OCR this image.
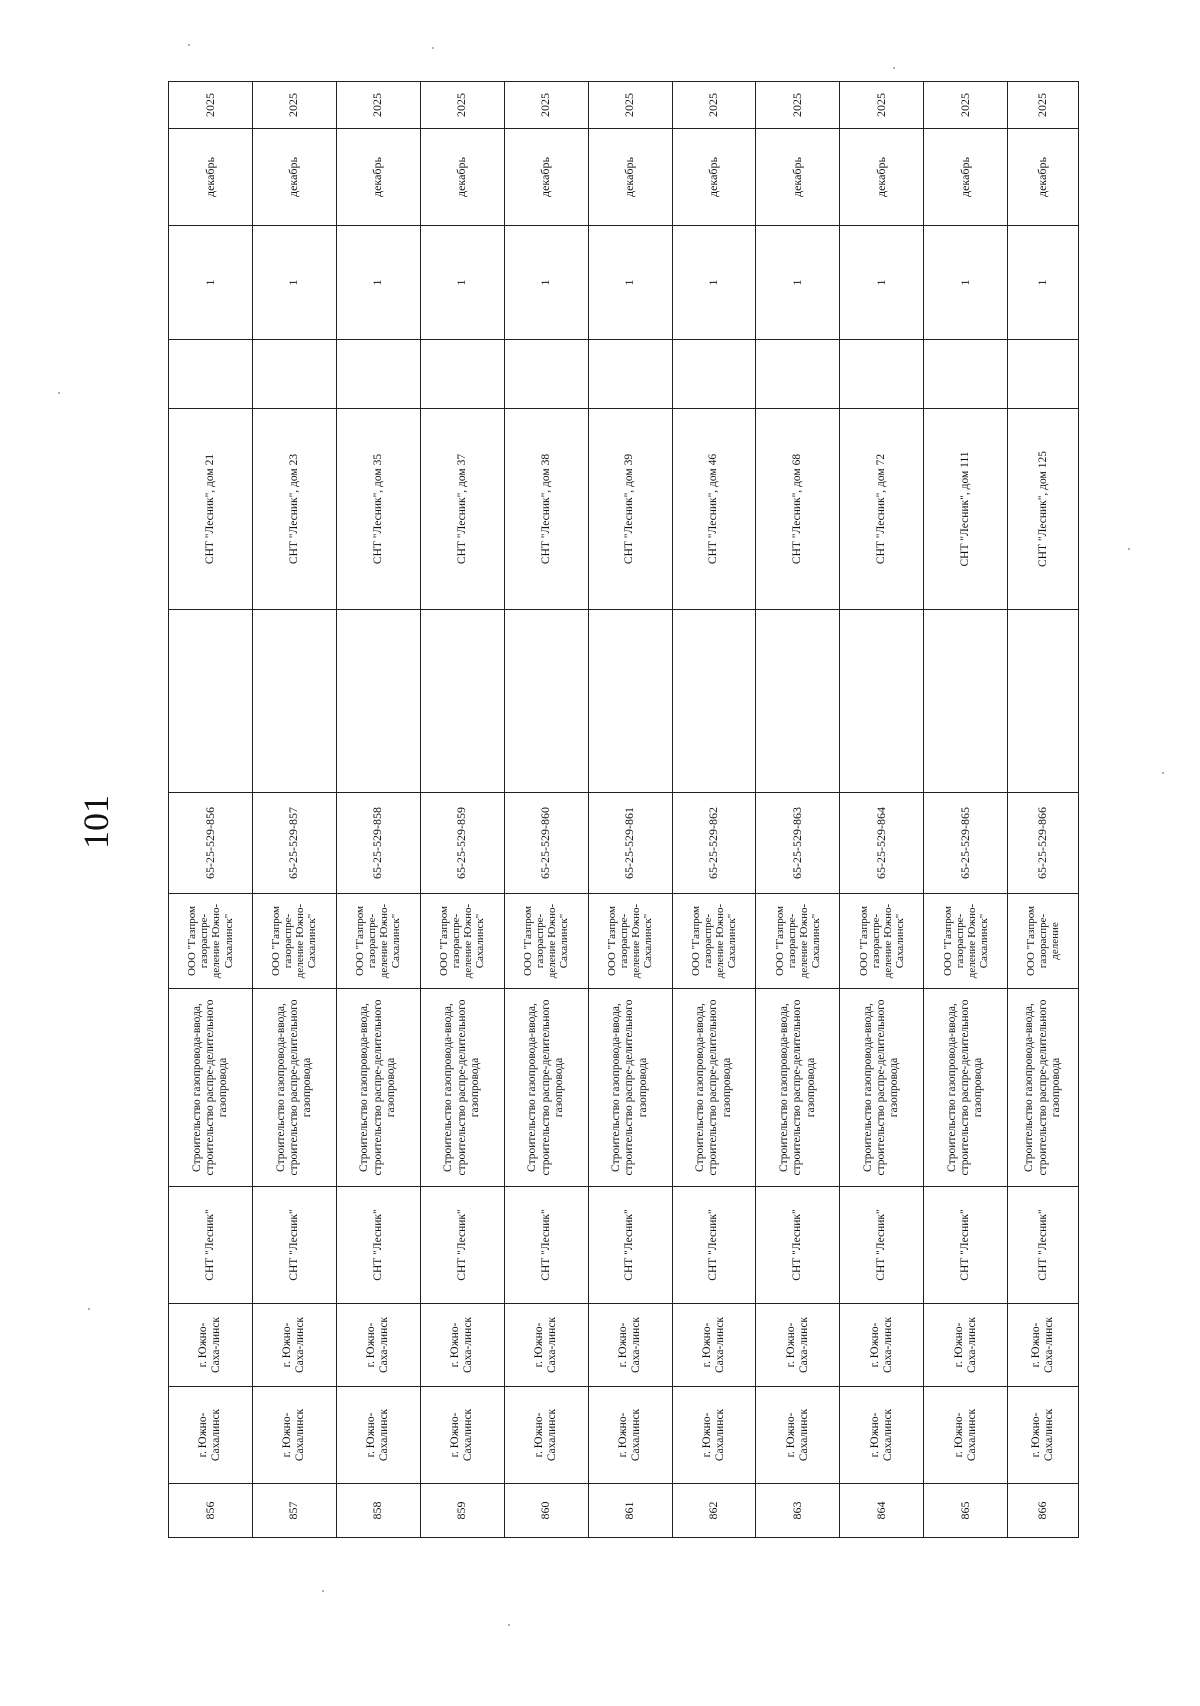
101
856	г. Южно-Сахалинск	г. Южно-Саха-линск	СНТ "Лесник"	Строительство газопровода-ввода, строительство распре-делительного газопровода	ООО "Газпром газораспре-деление Южно-Сахалинск"	65-25-529-856		СНТ "Лесник", дом 21		1	декабрь	2025
857	г. Южно-Сахалинск	г. Южно-Саха-линск	СНТ "Лесник"	Строительство газопровода-ввода, строительство распре-делительного газопровода	ООО "Газпром газораспре-деление Южно-Сахалинск"	65-25-529-857		СНТ "Лесник", дом 23		1	декабрь	2025
858	г. Южно-Сахалинск	г. Южно-Саха-линск	СНТ "Лесник"	Строительство газопровода-ввода, строительство распре-делительного газопровода	ООО "Газпром газораспре-деление Южно-Сахалинск"	65-25-529-858		СНТ "Лесник", дом 35		1	декабрь	2025
859	г. Южно-Сахалинск	г. Южно-Саха-линск	СНТ "Лесник"	Строительство газопровода-ввода, строительство распре-делительного газопровода	ООО "Газпром газораспре-деление Южно-Сахалинск"	65-25-529-859		СНТ "Лесник", дом 37		1	декабрь	2025
860	г. Южно-Сахалинск	г. Южно-Саха-линск	СНТ "Лесник"	Строительство газопровода-ввода, строительство распре-делительного газопровода	ООО "Газпром газораспре-деление Южно-Сахалинск"	65-25-529-860		СНТ "Лесник", дом 38		1	декабрь	2025
861	г. Южно-Сахалинск	г. Южно-Саха-линск	СНТ "Лесник"	Строительство газопровода-ввода, строительство распре-делительного газопровода	ООО "Газпром газораспре-деление Южно-Сахалинск"	65-25-529-861		СНТ "Лесник", дом 39		1	декабрь	2025
862	г. Южно-Сахалинск	г. Южно-Саха-линск	СНТ "Лесник"	Строительство газопровода-ввода, строительство распре-делительного газопровода	ООО "Газпром газораспре-деление Южно-Сахалинск"	65-25-529-862		СНТ "Лесник", дом 46		1	декабрь	2025
863	г. Южно-Сахалинск	г. Южно-Саха-линск	СНТ "Лесник"	Строительство газопровода-ввода, строительство распре-делительного газопровода	ООО "Газпром газораспре-деление Южно-Сахалинск"	65-25-529-863		СНТ "Лесник", дом 68		1	декабрь	2025
864	г. Южно-Сахалинск	г. Южно-Саха-линск	СНТ "Лесник"	Строительство газопровода-ввода, строительство распре-делительного газопровода	ООО "Газпром газораспре-деление Южно-Сахалинск"	65-25-529-864		СНТ "Лесник", дом 72		1	декабрь	2025
865	г. Южно-Сахалинск	г. Южно-Саха-линск	СНТ "Лесник"	Строительство газопровода-ввода, строительство распре-делительного газопровода	ООО "Газпром газораспре-деление Южно-Сахалинск"	65-25-529-865		СНТ "Лесник", дом 111		1	декабрь	2025
866	г. Южно-Сахалинск	г. Южно-Саха-линск	СНТ "Лесник"	Строительство газопровода-ввода, строительство распре-делительного газопровода	ООО "Газпром газораспре-деление	65-25-529-866		СНТ "Лесник", дом 125		1	декабрь	2025
